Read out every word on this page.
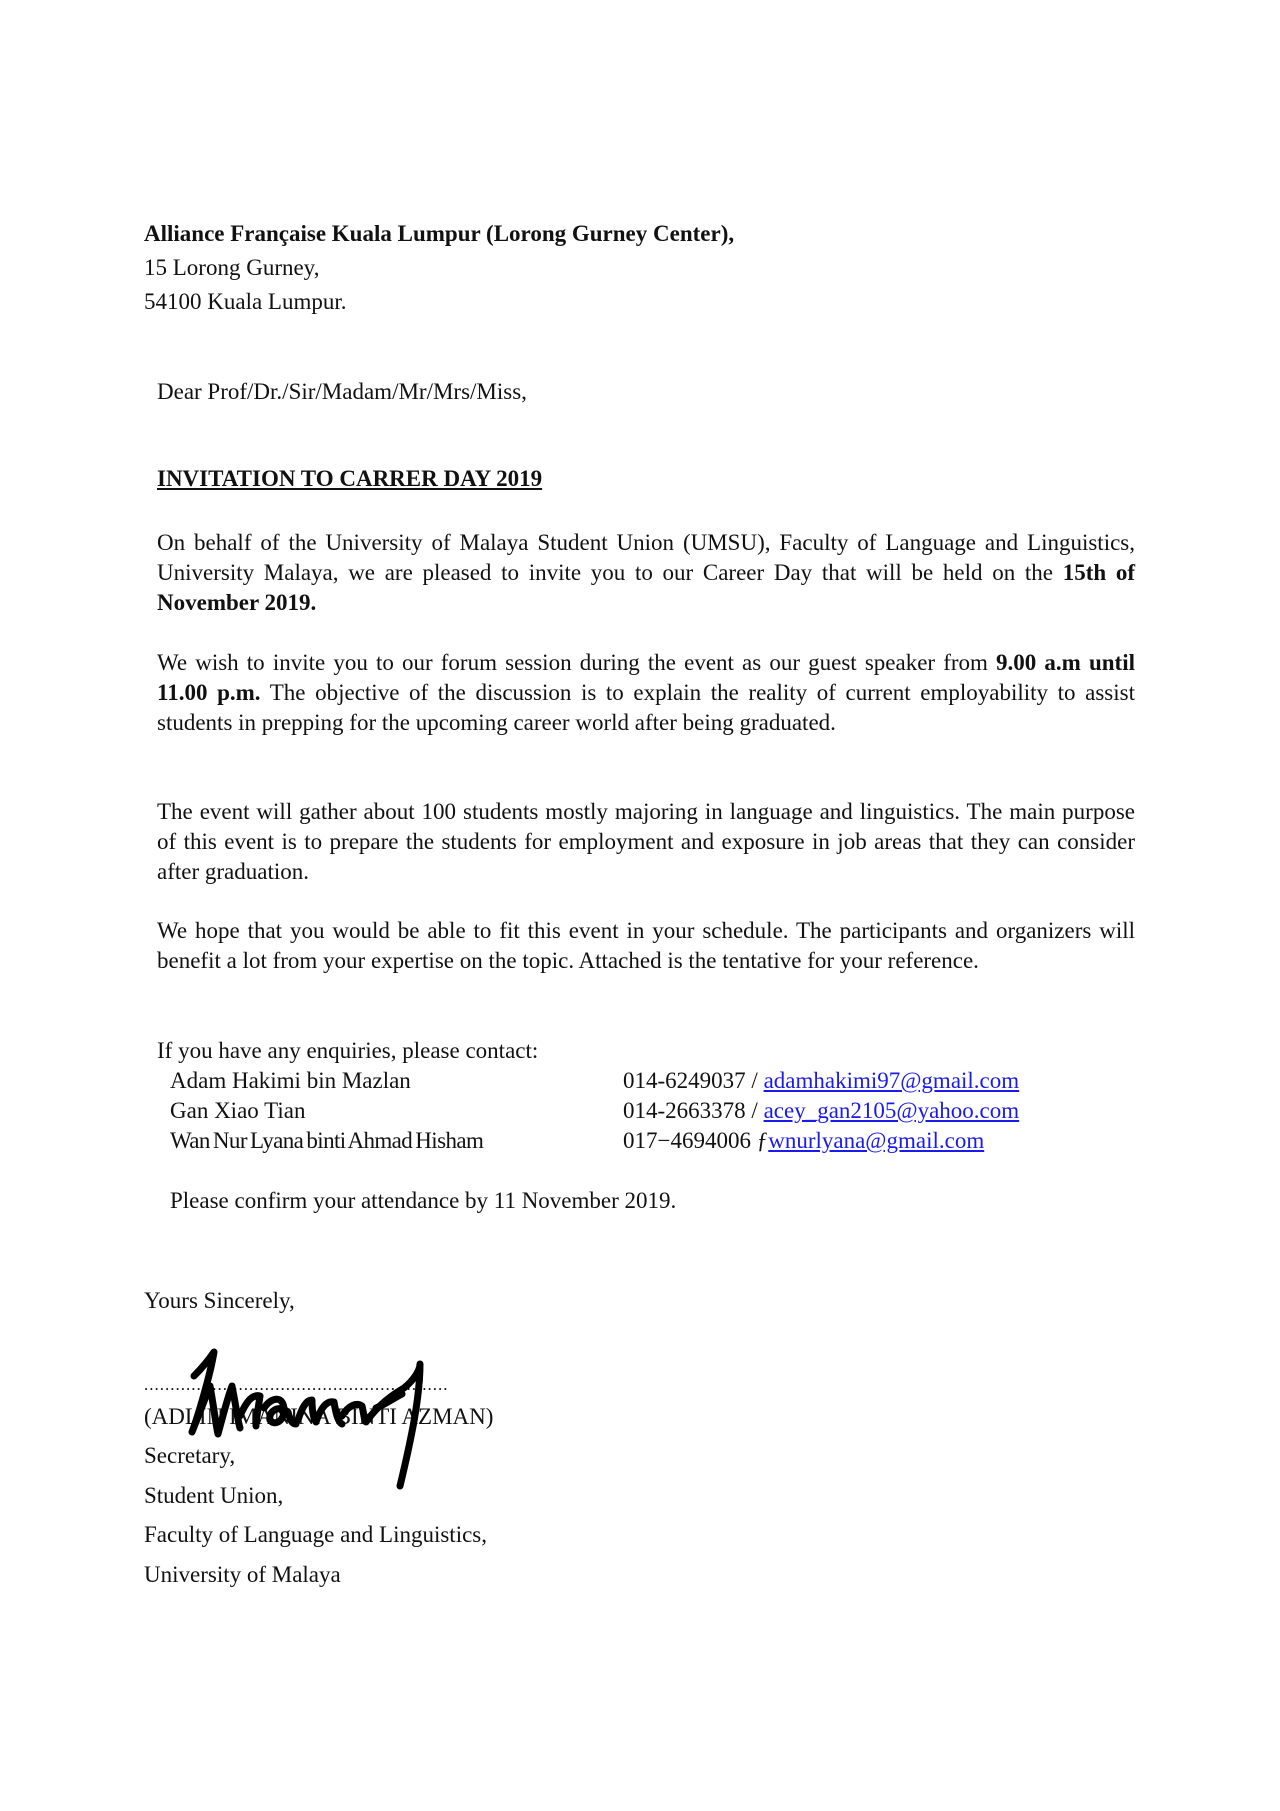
Alliance Française Kuala Lumpur (Lorong Gurney Center),
15 Lorong Gurney,
54100 Kuala Lumpur.
Dear Prof/Dr./Sir/Madam/Mr/Mrs/Miss,
INVITATION TO CARRER DAY 2019
On behalf of the University of Malaya Student Union (UMSU), Faculty of Language and Linguistics, University Malaya, we are pleased to invite you to our Career Day that will be held on the 15th of November 2019.
We wish to invite you to our forum session during the event as our guest speaker from 9.00 a.m until 11.00 p.m. The objective of the discussion is to explain the reality of current employability to assist students in prepping for the upcoming career world after being graduated.
The event will gather about 100 students mostly majoring in language and linguistics. The main purpose of this event is to prepare the students for employment and exposure in job areas that they can consider after graduation.
We hope that you would be able to fit this event in your schedule. The participants and organizers will benefit a lot from your expertise on the topic. Attached is the tentative for your reference.
If you have any enquiries, please contact:
Adam Hakimi bin Mazlan	014-6249037 / adamhakimi97@gmail.com
Gan Xiao Tian	014-2663378 / acey_gan2105@yahoo.com
Wan Nur Lyana binti Ahmad Hisham	017−4694006 ƒwnurlyana@gmail.com
Please confirm your attendance by 11 November 2019.
Yours Sincerely,
..........................................................
(ADLIN IMANINA BINTI AZMAN)
Secretary,
Student Union,
Faculty of Language and Linguistics,
University of Malaya
